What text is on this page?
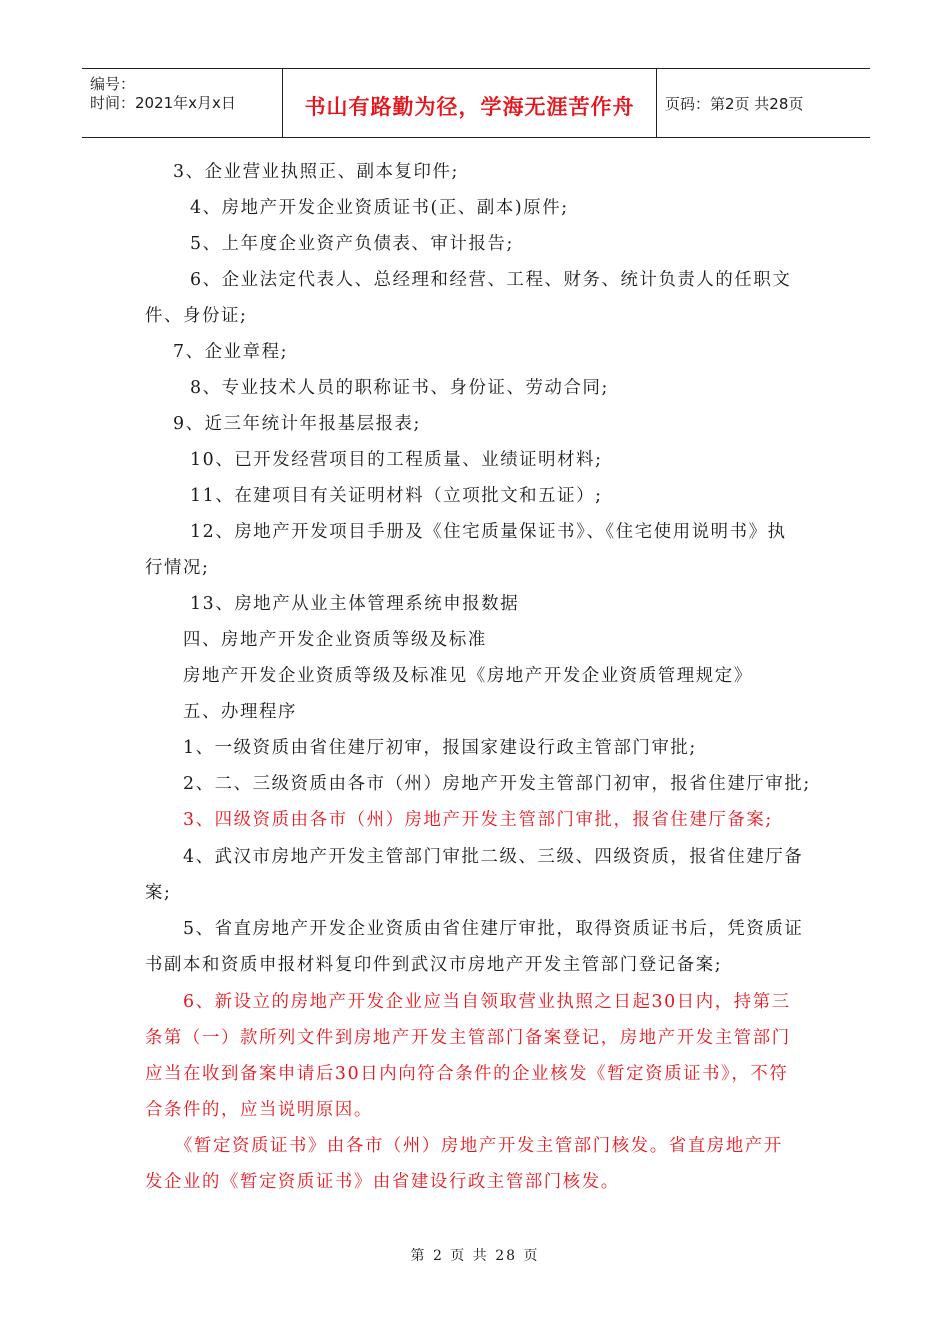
编号：
时间：2021年x月x日	书山有路勤为径，学海无涯苦作舟	页码：第2页 共28页
3、企业营业执照正、副本复印件;
4、房地产开发企业资质证书(正、副本)原件;
5、上年度企业资产负债表、审计报告;
6、企业法定代表人、总经理和经营、工程、财务、统计负责人的任职文
件、身份证;
7、企业章程;
8、专业技术人员的职称证书、身份证、劳动合同;
9、近三年统计年报基层报表;
10、已开发经营项目的工程质量、业绩证明材料;
11、在建项目有关证明材料（立项批文和五证）;
12、房地产开发项目手册及《住宅质量保证书》、《住宅使用说明书》执
行情况;
13、房地产从业主体管理系统申报数据
四、房地产开发企业资质等级及标准
房地产开发企业资质等级及标准见《房地产开发企业资质管理规定》
五、办理程序
1、一级资质由省住建厅初审，报国家建设行政主管部门审批;
2、二、三级资质由各市（州）房地产开发主管部门初审，报省住建厅审批;
3、四级资质由各市（州）房地产开发主管部门审批，报省住建厅备案;
4、武汉市房地产开发主管部门审批二级、三级、四级资质，报省住建厅备
案;
5、省直房地产开发企业资质由省住建厅审批，取得资质证书后，凭资质证
书副本和资质申报材料复印件到武汉市房地产开发主管部门登记备案;
6、新设立的房地产开发企业应当自领取营业执照之日起30日内，持第三
条第（一）款所列文件到房地产开发主管部门备案登记，房地产开发主管部门
应当在收到备案申请后30日内向符合条件的企业核发《暂定资质证书》，不符
合条件的，应当说明原因。
《暂定资质证书》由各市（州）房地产开发主管部门核发。省直房地产开
发企业的《暂定资质证书》由省建设行政主管部门核发。
第 2 页 共 28 页
